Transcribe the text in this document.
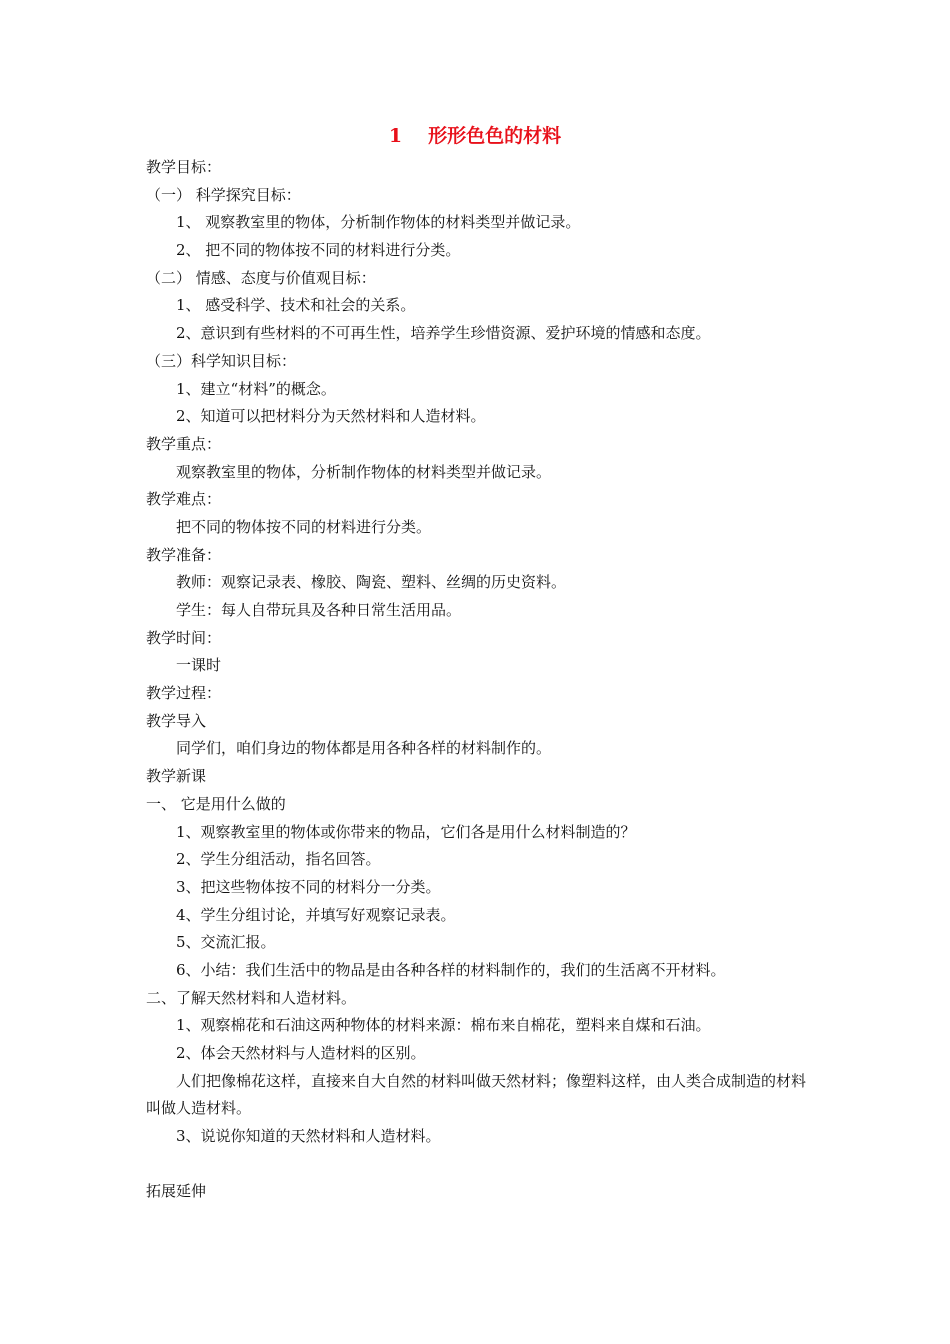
1 形形色色的材料
教学目标：
（一） 科学探究目标：
1、 观察教室里的物体，分析制作物体的材料类型并做记录。
2、 把不同的物体按不同的材料进行分类。
（二） 情感、态度与价值观目标：
1、 感受科学、技术和社会的关系。
2、意识到有些材料的不可再生性，培养学生珍惜资源、爱护环境的情感和态度。
（三）科学知识目标：
1、建立“材料”的概念。
2、知道可以把材料分为天然材料和人造材料。
教学重点：
观察教室里的物体，分析制作物体的材料类型并做记录。
教学难点：
把不同的物体按不同的材料进行分类。
教学准备：
教师：观察记录表、橡胶、陶瓷、塑料、丝绸的历史资料。
学生：每人自带玩具及各种日常生活用品。
教学时间：
一课时
教学过程：
教学导入
同学们，咱们身边的物体都是用各种各样的材料制作的。
教学新课
一、 它是用什么做的
1、观察教室里的物体或你带来的物品，它们各是用什么材料制造的？
2、学生分组活动，指名回答。
3、把这些物体按不同的材料分一分类。
4、学生分组讨论，并填写好观察记录表。
5、交流汇报。
6、小结：我们生活中的物品是由各种各样的材料制作的，我们的生活离不开材料。
二、了解天然材料和人造材料。
1、观察棉花和石油这两种物体的材料来源：棉布来自棉花，塑料来自煤和石油。
2、体会天然材料与人造材料的区别。
人们把像棉花这样，直接来自大自然的材料叫做天然材料；像塑料这样，由人类合成制造的材料叫做人造材料。
3、说说你知道的天然材料和人造材料。
拓展延伸
